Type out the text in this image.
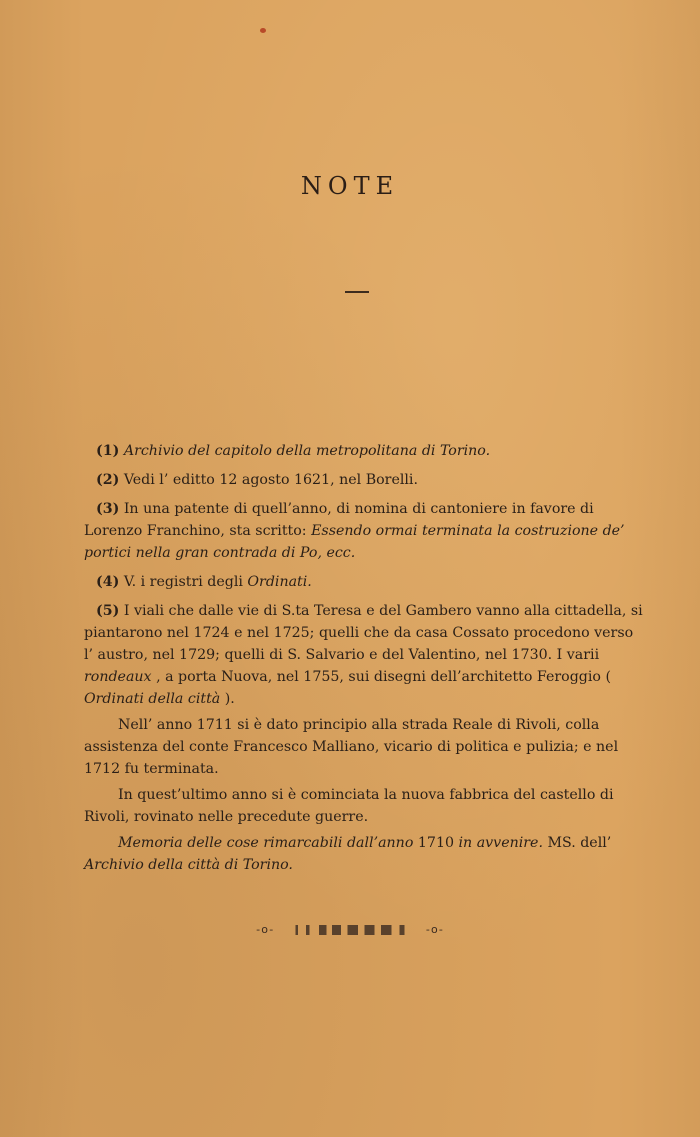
NOTE
(1) Archivio del capitolo della metropolitana di Torino.
(2) Vedi l’ editto 12 agosto 1621, nel Borelli.
(3) In una patente di quell’anno, di nomina di cantoniere in favore di Lorenzo Franchino, sta scritto: Essendo ormai terminata la costruzione de’ portici nella gran contrada di Po, ecc.
(4) V. i registri degli Ordinati.
(5) I viali che dalle vie di S.ta Teresa e del Gambero vanno alla cittadella, si piantarono nel 1724 e nel 1725; quelli che da casa Cossato procedono verso l’ austro, nel 1729; quelli di S. Salvario e del Valentino, nel 1730. I varii rondeaux , a porta Nuova, nel 1755, sui disegni dell’architetto Feroggio ( Ordinati della città ).
Nell’ anno 1711 si è dato principio alla strada Reale di Rivoli, colla assistenza del conte Francesco Malliano, vicario di politica e pulizia; e nel 1712 fu terminata.
In quest’ultimo anno si è cominciata la nuova fabbrica del castello di Rivoli, rovinato nelle precedute guerre.
Memoria delle cose rimarcabili dall’anno 1710 in avvenire. MS. dell’ Archivio della città di Torino.
-o-	-o-
